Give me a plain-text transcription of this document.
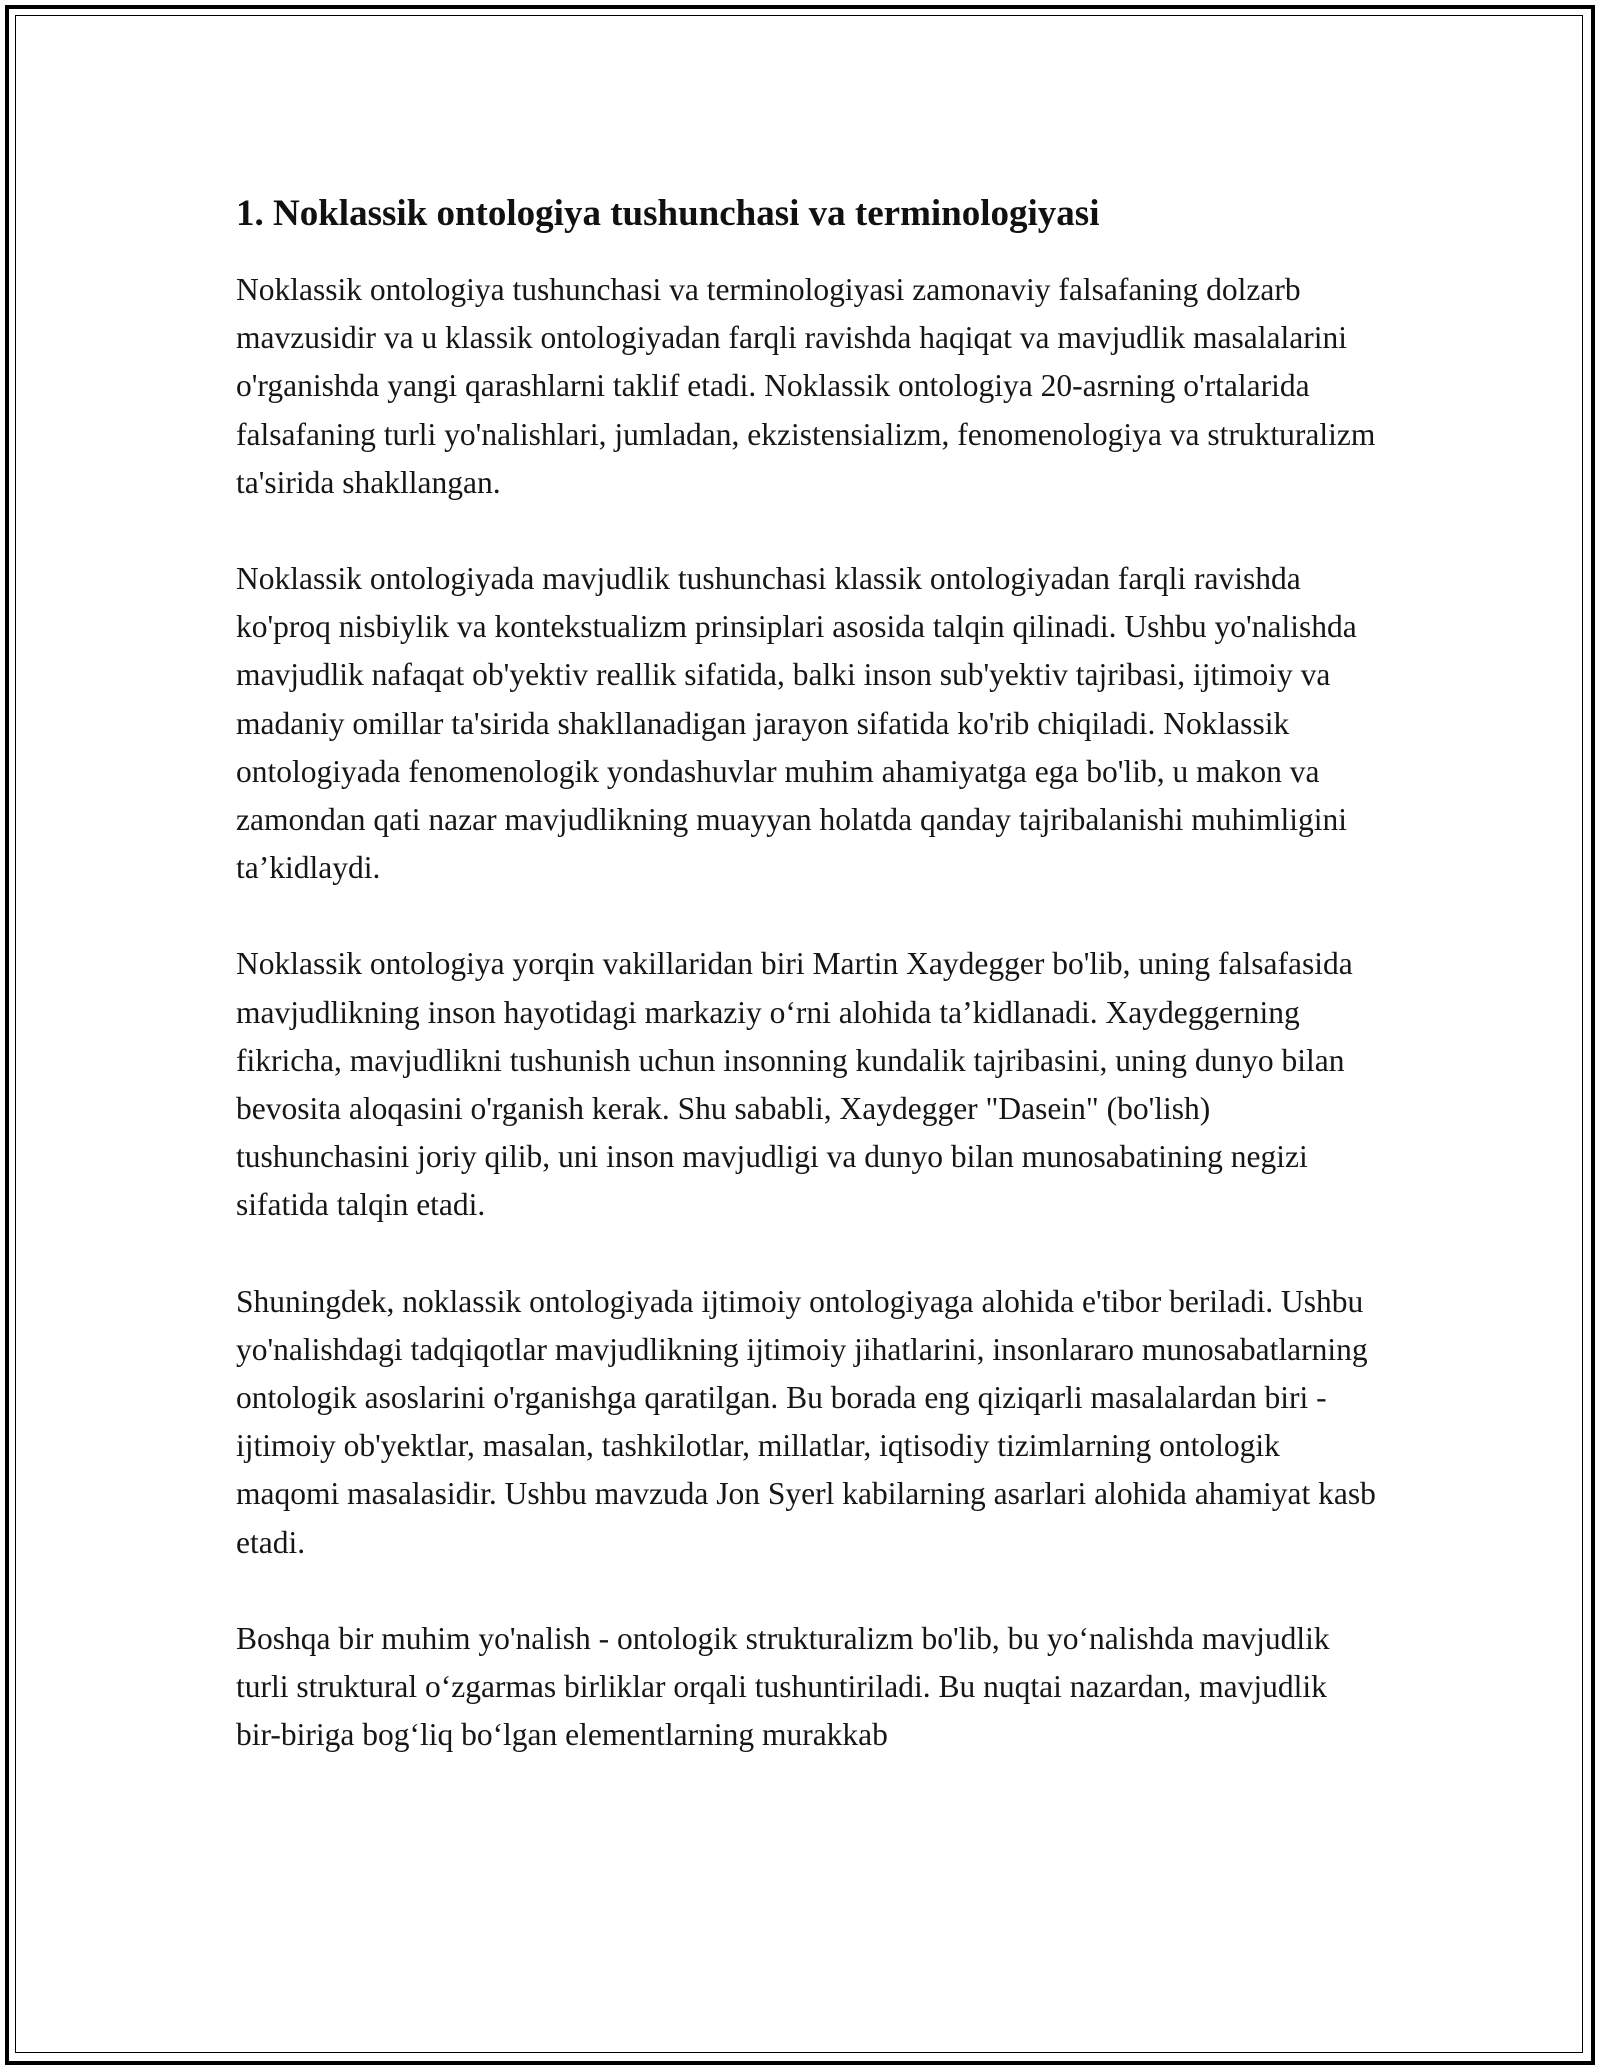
1. Noklassik ontologiya tushunchasi va terminologiyasi

Noklassik ontologiya tushunchasi va terminologiyasi zamonaviy falsafaning dolzarb mavzusidir va u klassik ontologiyadan farqli ravishda haqiqat va mavjudlik masalalarini o'rganishda yangi qarashlarni taklif etadi. Noklassik ontologiya 20-asrning o'rtalarida falsafaning turli yo'nalishlari, jumladan, ekzistensializm, fenomenologiya va strukturalizm ta'sirida shakllangan.

Noklassik ontologiyada mavjudlik tushunchasi klassik ontologiyadan farqli ravishda ko'proq nisbiylik va kontekstualizm prinsiplari asosida talqin qilinadi. Ushbu yo'nalishda mavjudlik nafaqat ob'yektiv reallik sifatida, balki inson sub'yektiv tajribasi, ijtimoiy va madaniy omillar ta'sirida shakllanadigan jarayon sifatida ko'rib chiqiladi. Noklassik ontologiyada fenomenologik yondashuvlar muhim ahamiyatga ega bo'lib, u makon va zamondan qati nazar mavjudlikning muayyan holatda qanday tajribalanishi muhimligini ta’kidlaydi.

Noklassik ontologiya yorqin vakillaridan biri Martin Xaydegger bo'lib, uning falsafasida mavjudlikning inson hayotidagi markaziy o‘rni alohida ta’kidlanadi. Xaydeggerning fikricha, mavjudlikni tushunish uchun insonning kundalik tajribasini, uning dunyo bilan bevosita aloqasini o'rganish kerak. Shu sababli, Xaydegger "Dasein" (bo'lish) tushunchasini joriy qilib, uni inson mavjudligi va dunyo bilan munosabatining negizi sifatida talqin etadi.

Shuningdek, noklassik ontologiyada ijtimoiy ontologiyaga alohida e'tibor beriladi. Ushbu yo'nalishdagi tadqiqotlar mavjudlikning ijtimoiy jihatlarini, insonlararo munosabatlarning ontologik asoslarini o'rganishga qaratilgan. Bu borada eng qiziqarli masalalardan biri - ijtimoiy ob'yektlar, masalan, tashkilotlar, millatlar, iqtisodiy tizimlarning ontologik maqomi masalasidir. Ushbu mavzuda Jon Syerl kabilarning asarlari alohida ahamiyat kasb etadi.

Boshqa bir muhim yo'nalish - ontologik strukturalizm bo'lib, bu yo‘nalishda mavjudlik turli struktural o‘zgarmas birliklar orqali tushuntiriladi. Bu nuqtai nazardan, mavjudlik bir-biriga bog‘liq bo‘lgan elementlarning murakkab
